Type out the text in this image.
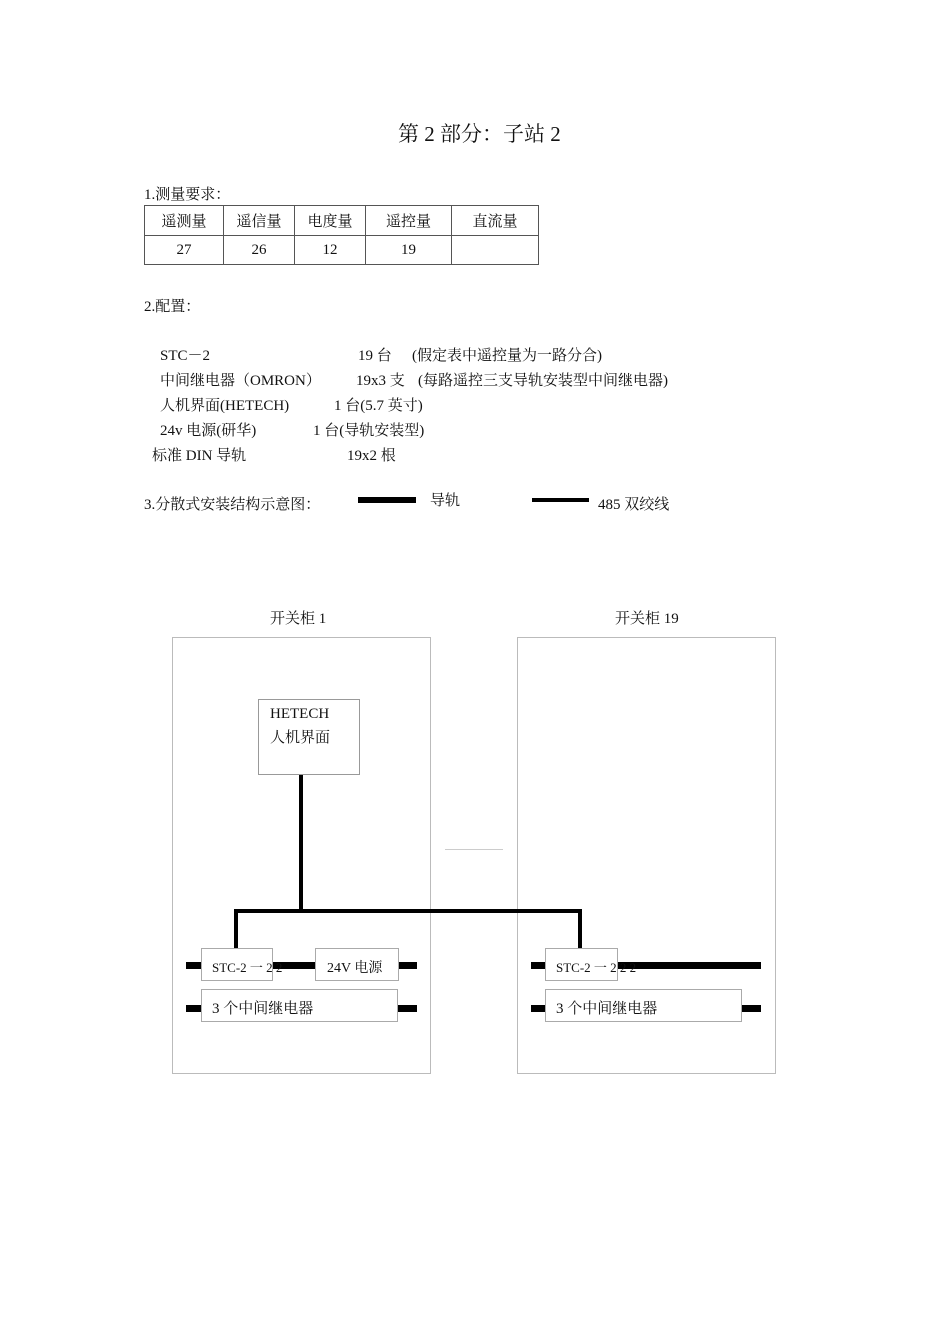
第 2 部分：子站 2
1.测量要求：
遥测量	遥信量	电度量	遥控量	直流量
27	26	12	19	
2.配置：
STC－2	19 台 (假定表中遥控量为一路分合)
中间继电器（OMRON） 19x3 支 (每路遥控三支导轨安装型中间继电器)
人机界面(HETECH)	1 台(5.7 英寸)
24v 电源(研华)	1 台(导轨安装型)
标准 DIN 导轨	19x2 根
3.分散式安装结构示意图：	导轨	485 双绞线
开关柜 1	开关柜 19
HETECH
人机界面
STC-2 一 2 2	24V 电源
3 个中间继电器
STC-2 一 2 2 2
3 个中间继电器
